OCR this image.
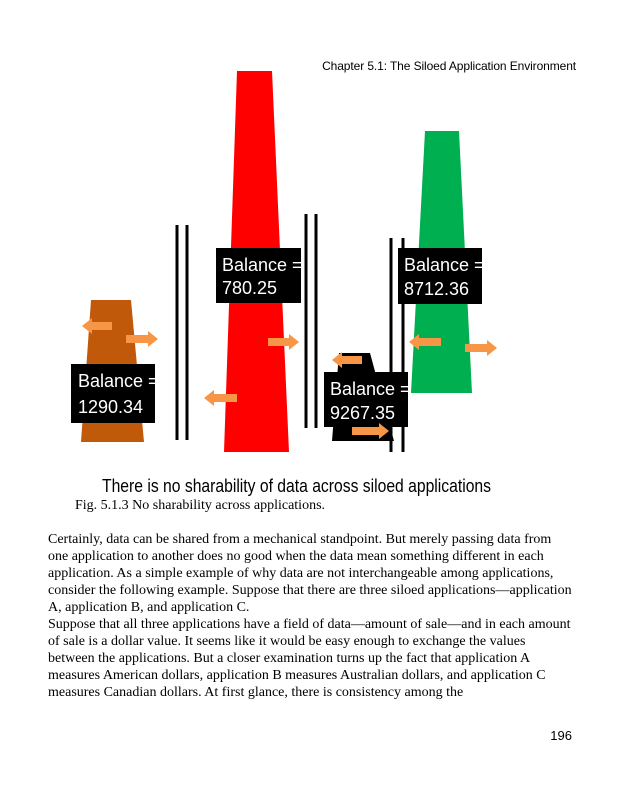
Chapter 5.1: The Siloed Application Environment
Balance =
1290.34
Balance =
780.25
Balance =
9267.35
Balance =
8712.36
There is no sharability of data across siloed applications
Fig. 5.1.3 No sharability across applications.

Certainly, data can be shared from a mechanical standpoint. But merely passing data from one application to another does no good when the data mean something different in each application. As a simple example of why data are not interchangeable among applications, consider the following example. Suppose that there are three siloed applications—application A, application B, and application C.

Suppose that all three applications have a field of data—amount of sale—and in each amount of sale is a dollar value. It seems like it would be easy enough to exchange the values between the applications. But a closer examination turns up the fact that application A measures American dollars, application B measures Australian dollars, and application C measures Canadian dollars. At first glance, there is consistency among the

196
